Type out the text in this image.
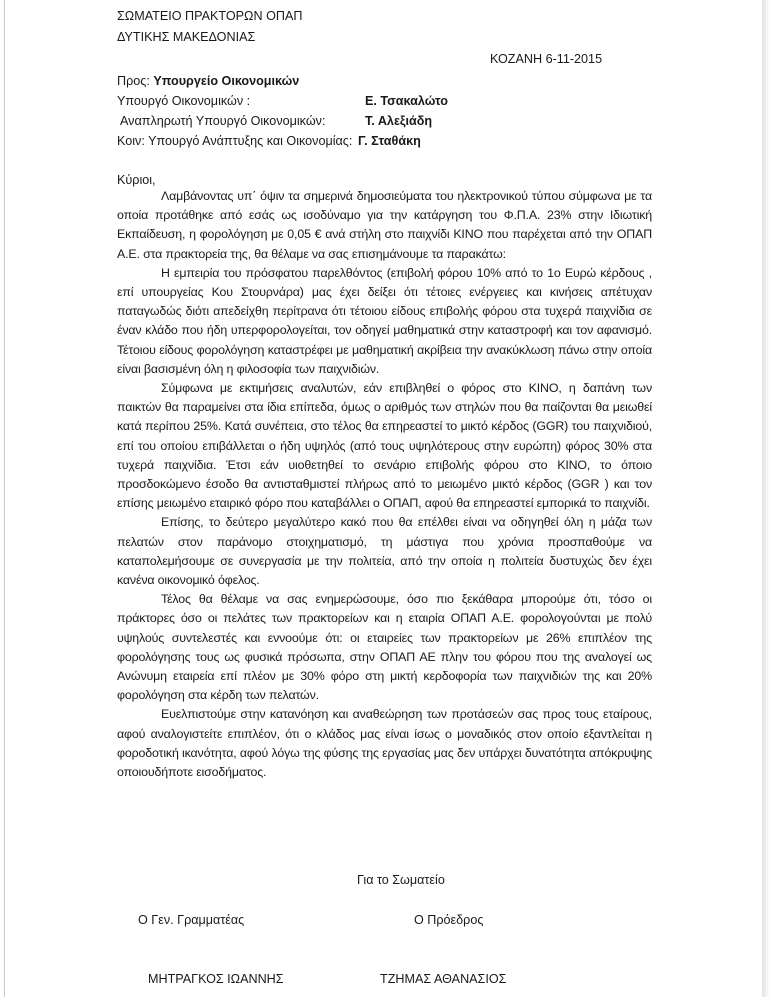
ΣΩΜΑΤΕΙΟ ΠΡΑΚΤΟΡΩΝ ΟΠΑΠ
ΔΥΤΙΚΗΣ ΜΑΚΕΔΟΝΙΑΣ
ΚΟΖΑΝΗ 6-11-2015
Προς: Υπουργείο Οικονομικών
Υπουργό Οικονομικών :	Ε. Τσακαλώτο
Αναπληρωτή Υπουργό Οικονομικών:	Τ. Αλεξιάδη
Κοιν: Υπουργό Ανάπτυξης και Οικονομίας: Γ. Σταθάκη
Κύριοι,

Λαμβάνοντας υπ΄ όψιν τα σημερινά δημοσιεύματα του ηλεκτρονικού τύπου σύμφωνα με τα οποία προτάθηκε από εσάς ως ισοδύναμο για την κατάργηση του Φ.Π.Α. 23% στην Ιδιωτική Εκπαίδευση, η φορολόγηση με 0,05 € ανά στήλη στο παιχνίδι ΚΙΝΟ που παρέχεται από την ΟΠΑΠ Α.Ε. στα πρακτορεία της, θα θέλαμε να σας επισημάνουμε τα παρακάτω:

Η εμπειρία του πρόσφατου παρελθόντος (επιβολή φόρου 10% από το 1ο Ευρώ κέρδους , επί υπουργείας Κου Στουρνάρα) μας έχει δείξει ότι τέτοιες ενέργειες και κινήσεις απέτυχαν παταγωδώς διότι απεδείχθη περίτρανα ότι τέτοιου είδους επιβολής φόρου στα τυχερά παιχνίδια σε έναν κλάδο που ήδη υπερφορολογείται, τον οδηγεί μαθηματικά στην καταστροφή και τον αφανισμό. Τέτοιου είδους φορολόγηση καταστρέφει με μαθηματική ακρίβεια την ανακύκλωση πάνω στην οποία είναι βασισμένη όλη η φιλοσοφία των παιχνιδιών.

Σύμφωνα με εκτιμήσεις αναλυτών, εάν επιβληθεί ο φόρος στο ΚΙΝΟ, η δαπάνη των παικτών θα παραμείνει στα ίδια επίπεδα, όμως ο αριθμός των στηλών που θα παίζονται θα μειωθεί κατά περίπου 25%. Κατά συνέπεια, στο τέλος θα επηρεαστεί το μικτό κέρδος (GGR) του παιχνιδιού, επί του οποίου επιβάλλεται ο ήδη υψηλός (από τους υψηλότερους στην ευρώπη) φόρος 30% στα τυχερά παιχνίδια. Έτσι εάν υιοθετηθεί το σενάριο επιβολής φόρου στο ΚΙΝΟ, το όποιο προσδοκώμενο έσοδο θα αντισταθμιστεί πλήρως από το μειωμένο μικτό κέρδος (GGR ) και τον επίσης μειωμένο εταιρικό φόρο που καταβάλλει ο ΟΠΑΠ, αφού θα επηρεαστεί εμπορικά το παιχνίδι.

Επίσης, το δεύτερο μεγαλύτερο κακό που θα επέλθει είναι να οδηγηθεί όλη η μάζα των πελατών στον παράνομο στοιχηματισμό, τη μάστιγα που χρόνια προσπαθούμε να καταπολεμήσουμε σε συνεργασία με την πολιτεία, από την οποία η πολιτεία δυστυχώς δεν έχει κανένα οικονομικό όφελος.

Τέλος θα θέλαμε να σας ενημερώσουμε, όσο πιο ξεκάθαρα μπορούμε ότι, τόσο οι πράκτορες όσο οι πελάτες των πρακτορείων και η εταιρία ΟΠΑΠ Α.Ε. φορολογούνται με πολύ υψηλούς συντελεστές και εννοούμε ότι: οι εταιρείες των πρακτορείων με 26% επιπλέον της φορολόγησης τους ως φυσικά πρόσωπα, στην ΟΠΑΠ ΑΕ πλην του φόρου που της αναλογεί ως Ανώνυμη εταιρεία επί πλέον με 30% φόρο στη μικτή κερδοφορία των παιχνιδιών της και 20% φορολόγηση στα κέρδη των πελατών.

Ευελπιστούμε στην κατανόηση και αναθεώρηση των προτάσεών σας προς τους εταίρους, αφού αναλογιστείτε επιπλέον, ότι ο κλάδος μας είναι ίσως ο μοναδικός στον οποίο εξαντλείται η φοροδοτική ικανότητα, αφού λόγω της φύσης της εργασίας μας δεν υπάρχει δυνατότητα απόκρυψης οποιουδήποτε εισοδήματος.

Για το Σωματείο
Ο Γεν. Γραμματέας	Ο Πρόεδρος
ΜΗΤΡΑΓΚΟΣ ΙΩΑΝΝΗΣ	ΤΖΗΜΑΣ ΑΘΑΝΑΣΙΟΣ
